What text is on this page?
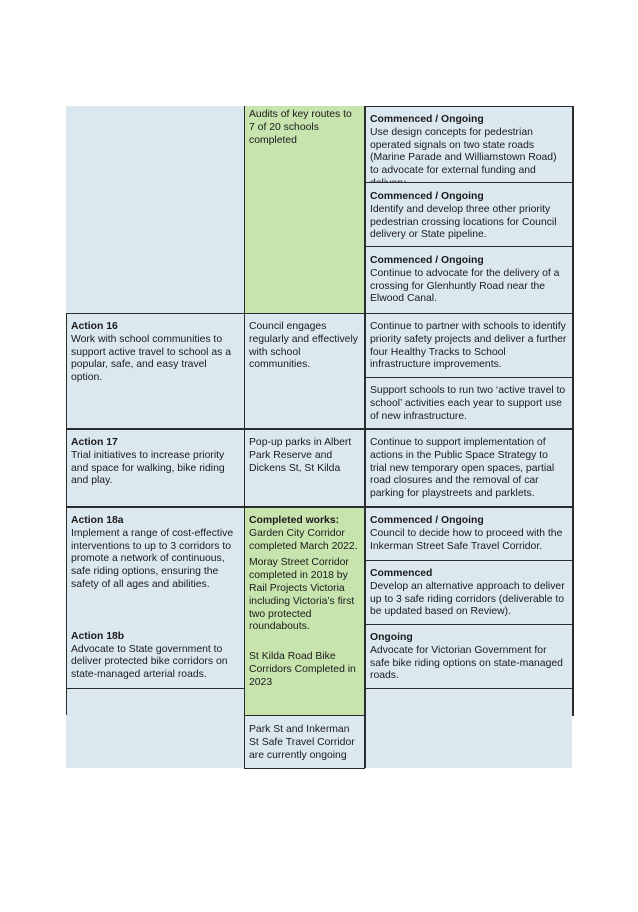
Audits of key routes to 7 of 20 schools completed
Commenced / Ongoing
Use design concepts for pedestrian operated signals on two state roads (Marine Parade and Williamstown Road) to advocate for external funding and
Commenced / Ongoing
Identify and develop three other priority pedestrian crossing locations for Council delivery or State pipeline.
Commenced / Ongoing
Continue to advocate for the delivery of a crossing for Glenhuntly Road near the Elwood Canal.
Action 16
Work with school communities to support active travel to school as a popular, safe, and easy travel option.
Council engages regularly and effectively with school communities.
Continue to partner with schools to identify priority safety projects and deliver a further four Healthy Tracks to School infrastructure improvements.
Support schools to run two ‘active travel to school’ activities each year to support use of new infrastructure.
Action 17
Trial initiatives to increase priority and space for walking, bike riding and play.
Pop-up parks in Albert Park Reserve and Dickens St, St Kilda
Continue to support implementation of actions in the Public Space Strategy to trial new temporary open spaces, partial road closures and the removal of car parking for playstreets and parklets.
Action 18a
Implement a range of cost-effective interventions to up to 3 corridors to promote a network of continuous, safe riding options, ensuring the safety of all ages and abilities.
Action 18b
Advocate to State government to deliver protected bike corridors on state-managed arterial roads.
Completed works:
Garden City Corridor completed March 2022.
Moray Street Corridor completed in 2018 by Rail Projects Victoria including Victoria’s first two protected roundabouts.
St Kilda Road Bike Corridors Completed in 2023
Park St and Inkerman St Safe Travel Corridor are currently ongoing
Commenced / Ongoing
Council to decide how to proceed with the Inkerman Street Safe Travel Corridor.
Commenced
Develop an alternative approach to deliver up to 3 safe riding corridors (deliverable to be updated based on Review).
Ongoing
Advocate for Victorian Government for safe bike riding options on state-managed roads.
